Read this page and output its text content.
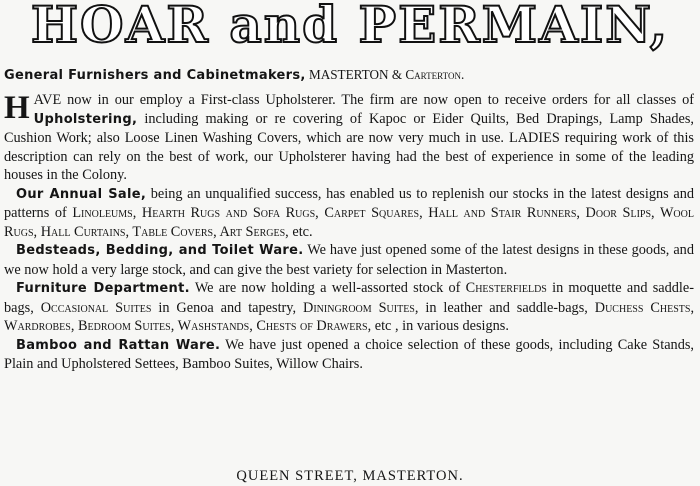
HOAR and PERMAIN,
General Furnishers and Cabinetmakers, MASTERTON & Carterton.

H AVE now in our employ a First-class Upholsterer. The firm are now open to receive orders for all classes of Upholstering, including making or re covering of Kapoc or Eider Quilts, Bed Drapings, Lamp Shades, Cushion Work; also Loose Linen Washing Covers, which are now very much in use. LADIES requiring work of this description can rely on the best of work, our Upholsterer having had the best of experience in some of the leading houses in the Colony.

Our Annual Sale, being an unqualified success, has enabled us to replenish our stocks in the latest designs and patterns of Linoleums, Hearth Rugs and Sofa Rugs, Carpet Squares, Hall and Stair Runners, Door Slips, Wool Rugs, Hall Curtains, Table Covers, Art Serges, etc.

Bedsteads, Bedding, and Toilet Ware. We have just opened some of the latest designs in these goods, and we now hold a very large stock, and can give the best variety for selection in Masterton.

Furniture Department. We are now holding a well-assorted stock of Chesterfields in moquette and saddle-bags, Occasional Suites in Genoa and tapestry, Diningroom Suites, in leather and saddle-bags, Duchess Chests, Wardrobes, Bedroom Suites, Washstands, Chests of Drawers, etc , in various designs.

Bamboo and Rattan Ware. We have just opened a choice selection of these goods, including Cake Stands, Plain and Upholstered Settees, Bamboo Suites, Willow Chairs.

QUEEN STREET, MASTERTON.
